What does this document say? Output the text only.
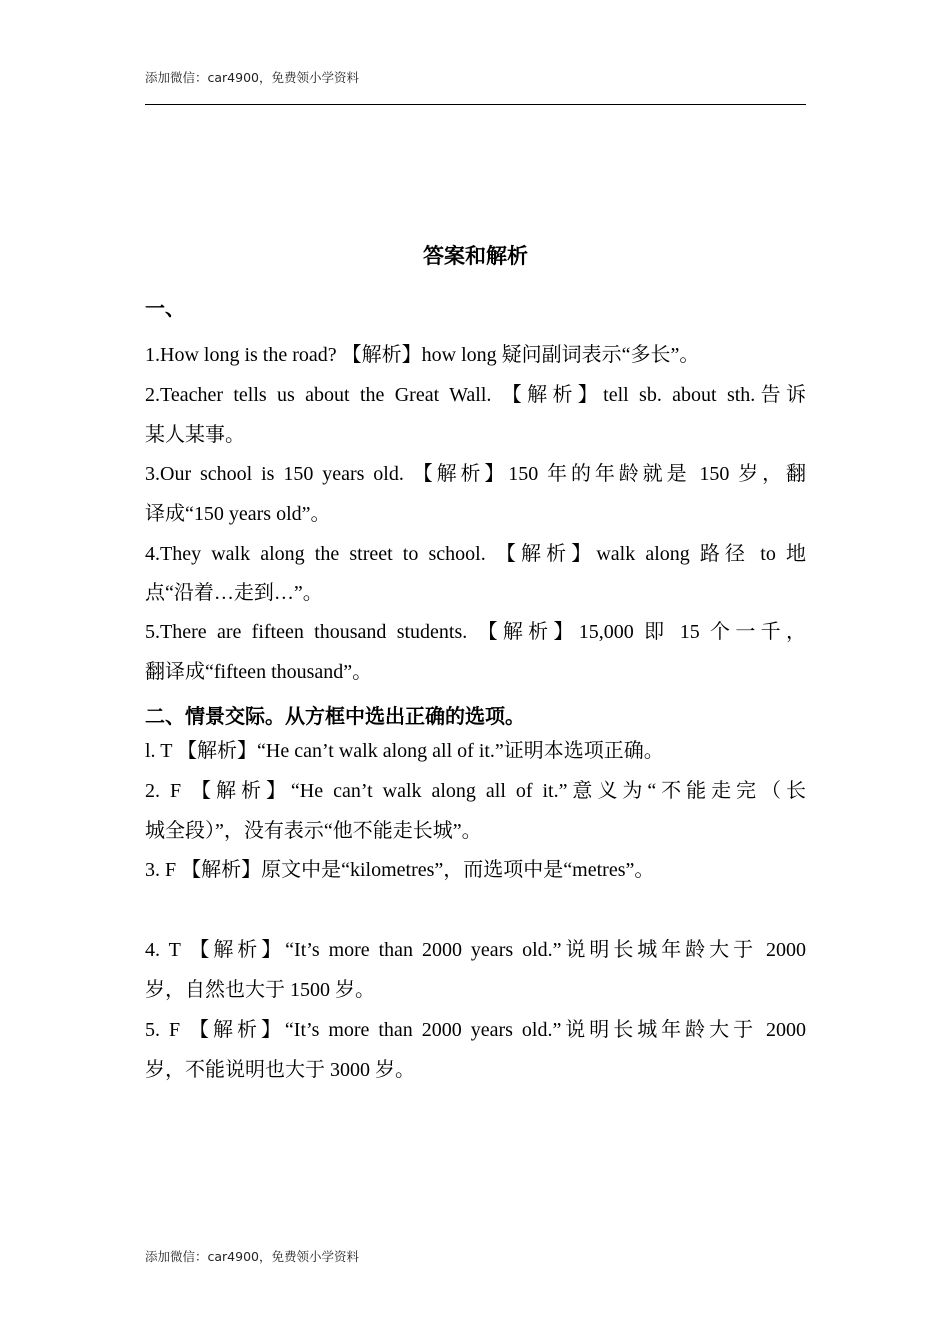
添加微信：car4900，免费领小学资料
答案和解析
一、
1.How long is the road? 【解析】how long 疑问副词表示“多长”。
2.Teacher tells us about the Great Wall. 【解析】tell sb. about sth.告诉
某人某事。
3.Our school is 150 years old. 【解析】150 年的年龄就是 150 岁，翻
译成“150 years old”。
4.They walk along the street to school. 【解析】walk along 路径 to 地
点“沿着…走到…”。
5.There are fifteen thousand students. 【解析】15,000 即 15 个一千，
翻译成“fifteen thousand”。
二、情景交际。从方框中选出正确的选项。
l. T 【解析】“He can’t walk along all of it.”证明本选项正确。
2. F 【解析】“He can’t walk along all of it.”意义为“不能走完（长
城全段）”，没有表示“他不能走长城”。
3. F 【解析】原文中是“kilometres”，而选项中是“metres”。
4. T 【解析】“It’s more than 2000 years old.”说明长城年龄大于 2000
岁，自然也大于 1500 岁。
5. F 【解析】“It’s more than 2000 years old.”说明长城年龄大于 2000
岁，不能说明也大于 3000 岁。
添加微信：car4900，免费领小学资料
